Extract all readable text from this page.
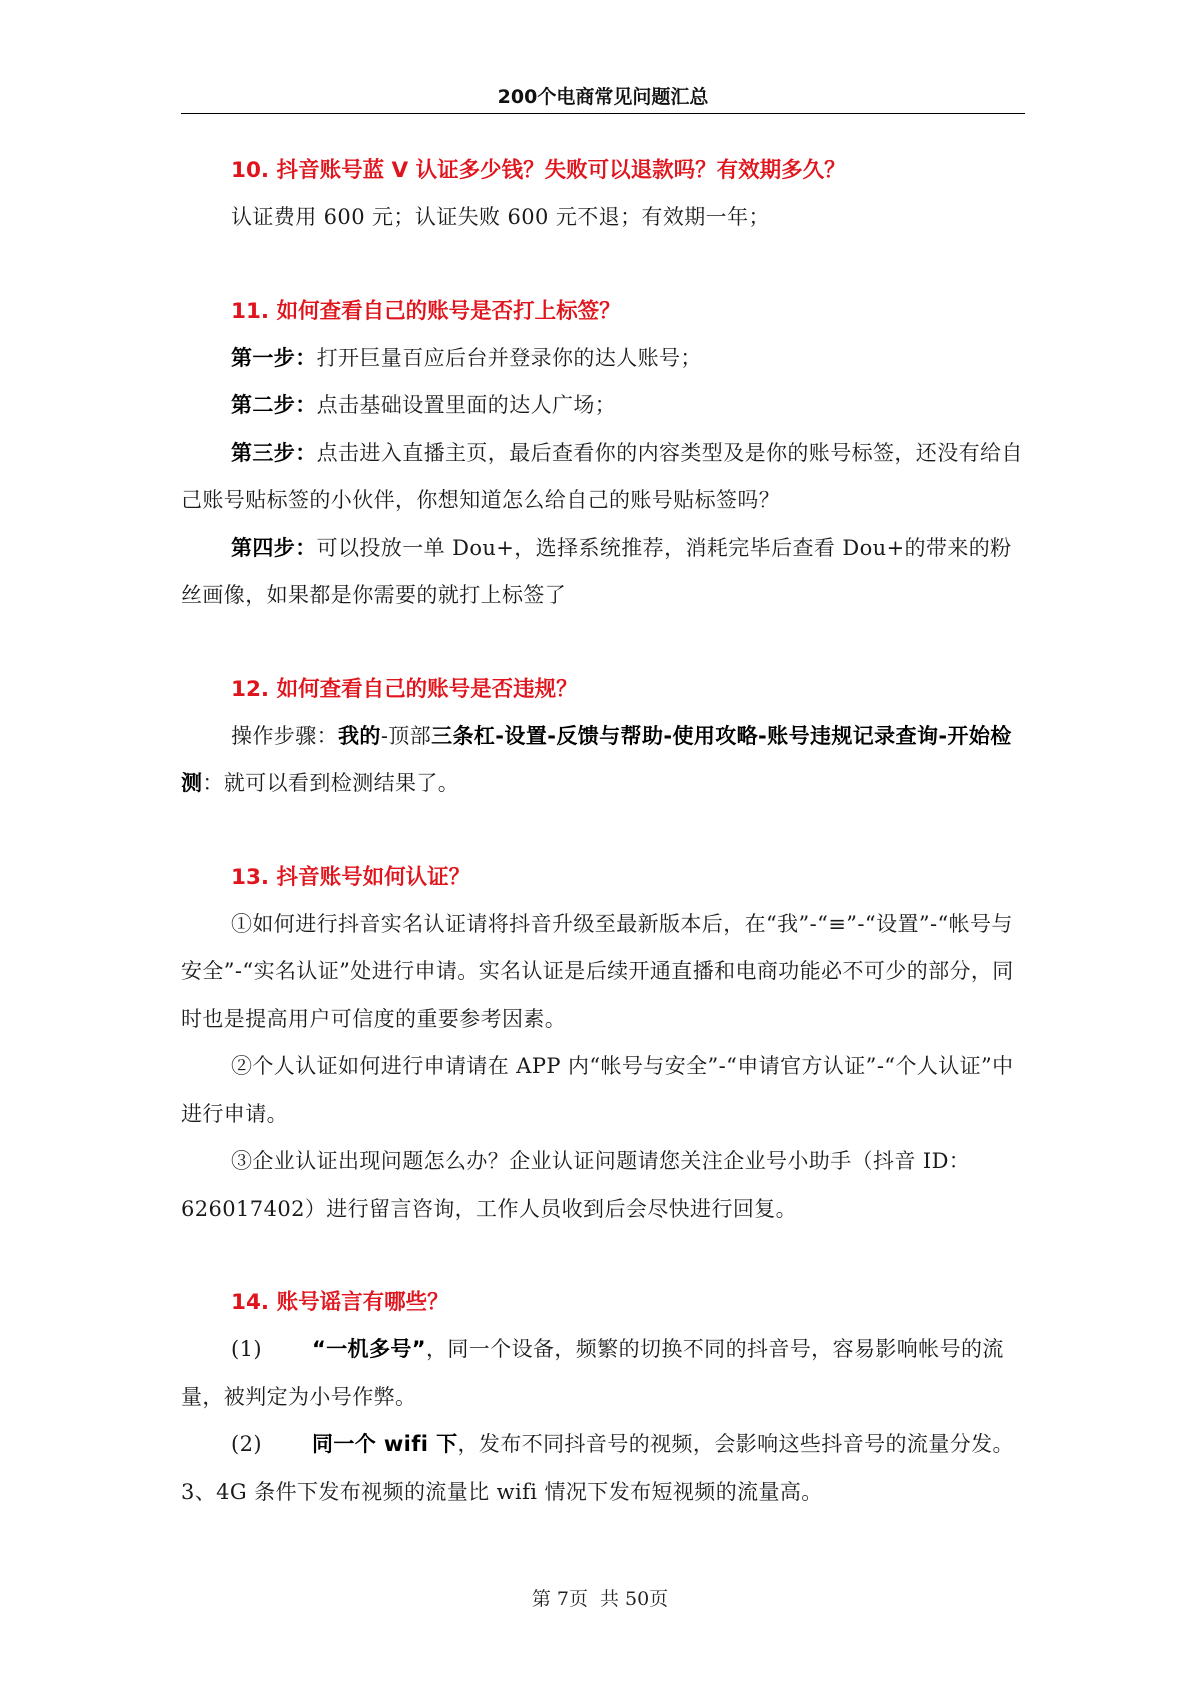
200个电商常见问题汇总

10. 抖音账号蓝 V 认证多少钱？失败可以退款吗？有效期多久？

认证费用 600 元；认证失败 600 元不退；有效期一年；

11. 如何查看自己的账号是否打上标签？

第一步：打开巨量百应后台并登录你的达人账号；

第二步：点击基础设置里面的达人广场；

第三步：点击进入直播主页，最后查看你的内容类型及是你的账号标签，还没有给自己账号贴标签的小伙伴，你想知道怎么给自己的账号贴标签吗？

第四步：可以投放一单 Dou+，选择系统推荐，消耗完毕后查看 Dou+的带来的粉丝画像，如果都是你需要的就打上标签了

12. 如何查看自己的账号是否违规？

操作步骤：我的-顶部三条杠-设置-反馈与帮助-使用攻略-账号违规记录查询-开始检测：就可以看到检测结果了。

13. 抖音账号如何认证？

①如何进行抖音实名认证请将抖音升级至最新版本后，在“我”-“≡”-“设置”-“帐号与安全”-“实名认证”处进行申请。实名认证是后续开通直播和电商功能必不可少的部分，同时也是提高用户可信度的重要参考因素。

②个人认证如何进行申请请在 APP 内“帐号与安全”-“申请官方认证”-“个人认证”中进行申请。

③企业认证出现问题怎么办？企业认证问题请您关注企业号小助手（抖音 ID：626017402）进行留言咨询，工作人员收到后会尽快进行回复。

14. 账号谣言有哪些？

(1) “一机多号”，同一个设备，频繁的切换不同的抖音号，容易影响帐号的流量，被判定为小号作弊。

(2) 同一个 wifi 下，发布不同抖音号的视频，会影响这些抖音号的流量分发。3、4G 条件下发布视频的流量比 wifi 情况下发布短视频的流量高。

第 7页 共 50页
